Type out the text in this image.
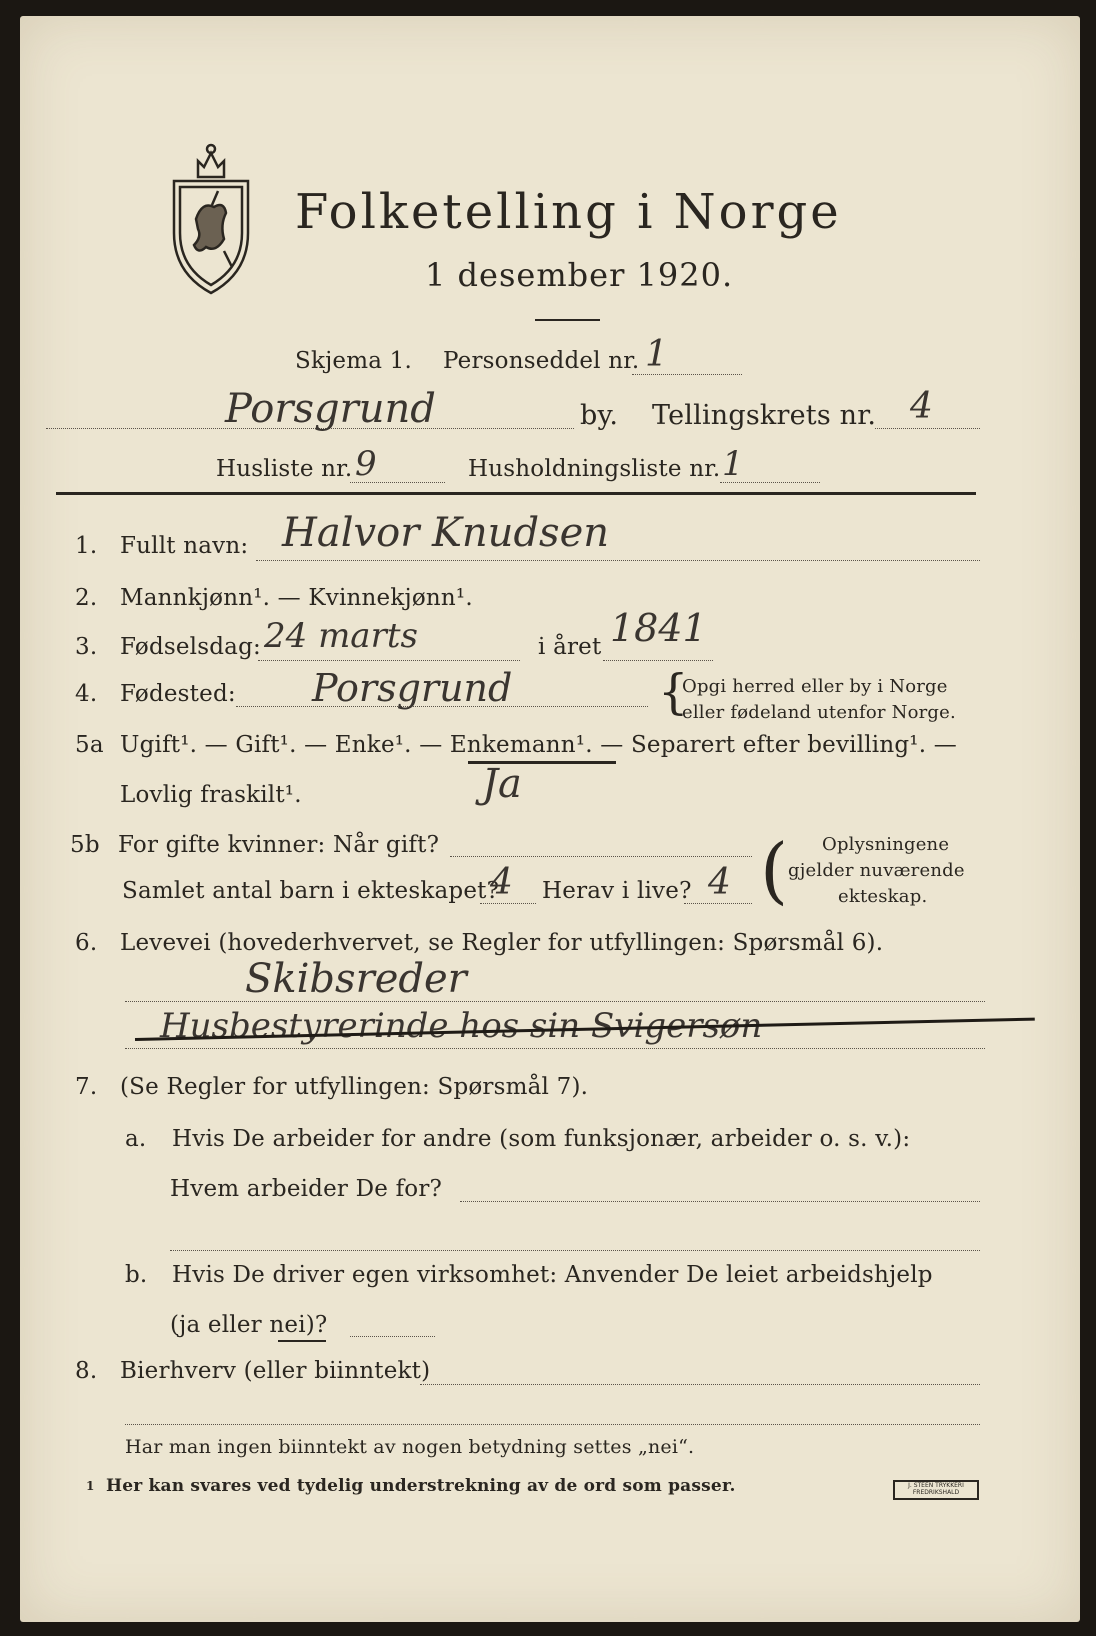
Folketelling i Norge
1 desember 1920.
Skjema 1. Personseddel nr. 1
Porsgrund	by. Tellingskrets nr. 4
Husliste nr. 9	Husholdningsliste nr. 1
1. Fullt navn: Halvor Knudsen
2. Mannkjønn¹. — Kvinnekjønn¹.
3. Fødselsdag: 24 marts	i året 1841
4. Fødested: Porsgrund	{
Opgi herred eller by i Norge
eller fødeland utenfor Norge.
5a Ugift¹. — Gift¹. — Enke¹. — Enkemann¹. — Separert efter bevilling¹. —
Lovlig fraskilt¹.	Ja
5b For gifte kvinner: Når gift?
Samlet antal barn i ekteskapet?
4 Herav i live? 4 ( Oplysningene
gjelder nuværende
ekteskap.
6. Levevei (hovederhvervet, se Regler for utfyllingen: Spørsmål 6).
Skibsreder
Husbestyrerinde hos sin Svigersøn
7. (Se Regler for utfyllingen: Spørsmål 7).
a. Hvis De arbeider for andre (som funksjonær, arbeider o. s. v.):
Hvem arbeider De for?
b. Hvis De driver egen virksomhet: Anvender De leiet arbeidshjelp
(ja eller nei)?
8. Bierhverv (eller biinntekt)
Har man ingen biinntekt av nogen betydning settes „nei“.
1 Her kan svares ved tydelig understrekning av de ord som passer.	J. STEEN TRYKKERI FREDRIKSHALD
